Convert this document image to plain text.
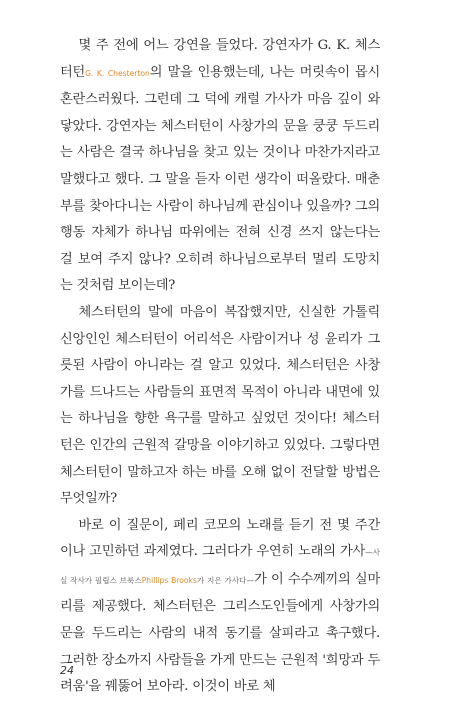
몇 주 전에 어느 강연을 들었다. 강연자가 G. K. 체스터턴G. K. Chesterton의 말을 인용했는데, 나는 머릿속이 몹시 혼란스러웠다. 그런데 그 덕에 캐럴 가사가 마음 깊이 와 닿았다. 강연자는 체스터턴이 사창가의 문을 쿵쿵 두드리는 사람은 결국 하나님을 찾고 있는 것이나 마찬가지라고 말했다고 했다. 그 말을 듣자 이런 생각이 떠올랐다. 매춘부를 찾아다니는 사람이 하나님께 관심이나 있을까? 그의 행동 자체가 하나님 따위에는 전혀 신경 쓰지 않는다는 걸 보여 주지 않나? 오히려 하나님으로부터 멀리 도망치는 것처럼 보이는데?

체스터턴의 말에 마음이 복잡했지만, 신실한 가톨릭 신앙인인 체스터턴이 어리석은 사람이거나 성 윤리가 그릇된 사람이 아니라는 걸 알고 있었다. 체스터턴은 사창가를 드나드는 사람들의 표면적 목적이 아니라 내면에 있는 하나님을 향한 욕구를 말하고 싶었던 것이다! 체스터턴은 인간의 근원적 갈망을 이야기하고 있었다. 그렇다면 체스터턴이 말하고자 하는 바를 오해 없이 전달할 방법은 무엇일까?

바로 이 질문이, 페리 코모의 노래를 듣기 전 몇 주간이나 고민하던 과제였다. 그러다가 우연히 노래의 가사—사실 작사가 필립스 브룩스Phillips Brooks가 지은 가사다—가 이 수수께끼의 실마리를 제공했다. 체스터턴은 그리스도인들에게 사창가의 문을 두드리는 사람의 내적 동기를 살피라고 촉구했다. 그러한 장소까지 사람들을 가게 만드는 근원적 '희망과 두려움'을 꿰뚫어 보아라. 이것이 바로 체

24
